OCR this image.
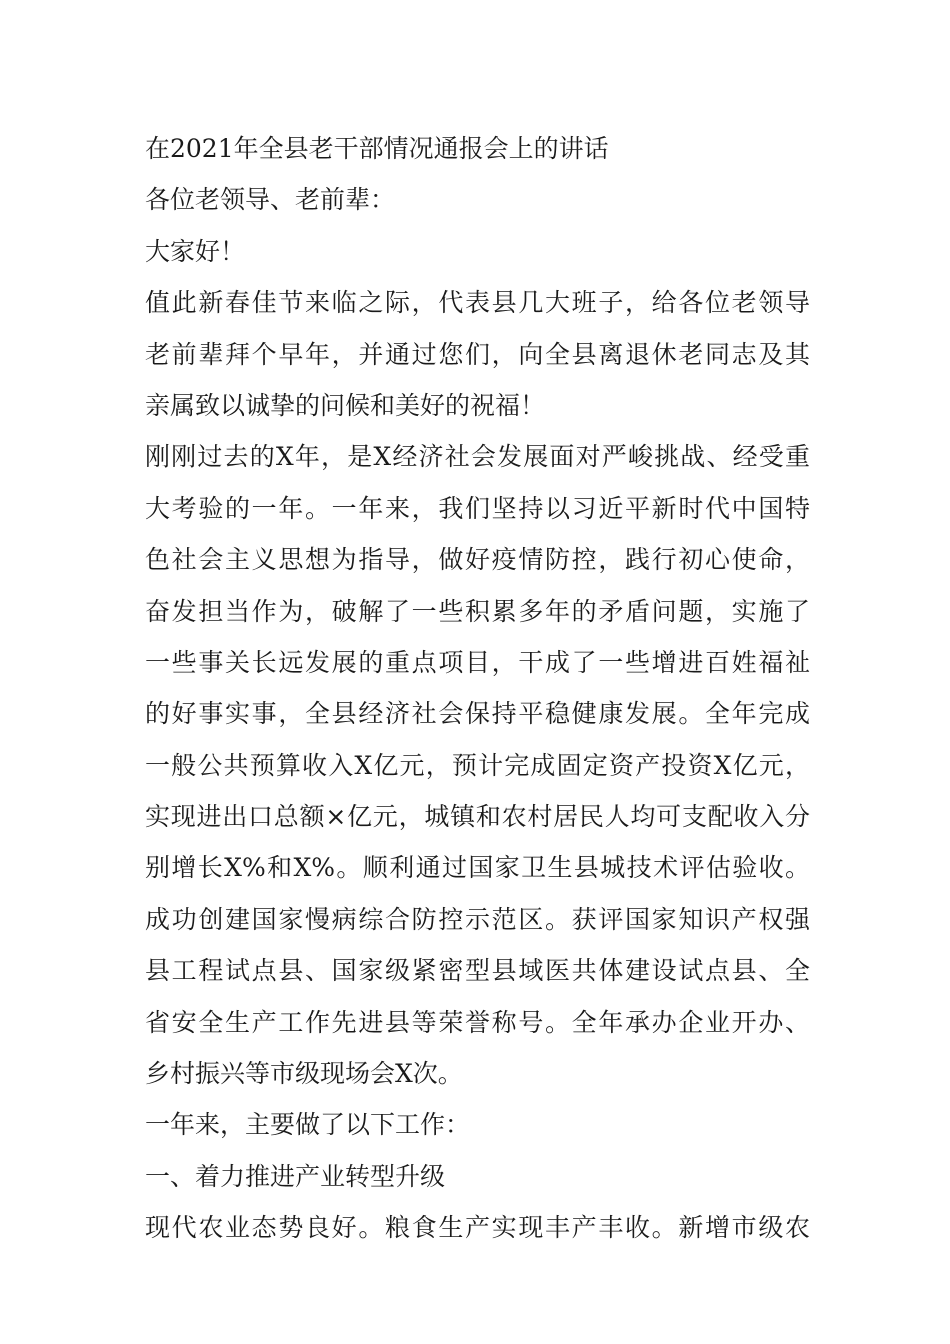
在2021年全县老干部情况通报会上的讲话
各位老领导、老前辈：
大家好！
值此新春佳节来临之际，代表县几大班子，给各位老领导
老前辈拜个早年，并通过您们，向全县离退休老同志及其
亲属致以诚挚的问候和美好的祝福！
刚刚过去的X年，是X经济社会发展面对严峻挑战、经受重
大考验的一年。一年来，我们坚持以习近平新时代中国特
色社会主义思想为指导，做好疫情防控，践行初心使命，
奋发担当作为，破解了一些积累多年的矛盾问题，实施了
一些事关长远发展的重点项目，干成了一些增进百姓福祉
的好事实事，全县经济社会保持平稳健康发展。全年完成
一般公共预算收入X亿元，预计完成固定资产投资X亿元，
实现进出口总额×亿元，城镇和农村居民人均可支配收入分
别增长X%和X%。顺利通过国家卫生县城技术评估验收。
成功创建国家慢病综合防控示范区。获评国家知识产权强
县工程试点县、国家级紧密型县域医共体建设试点县、全
省安全生产工作先进县等荣誉称号。全年承办企业开办、
乡村振兴等市级现场会X次。
一年来，主要做了以下工作：
一、着力推进产业转型升级
现代农业态势良好。粮食生产实现丰产丰收。新增市级农
